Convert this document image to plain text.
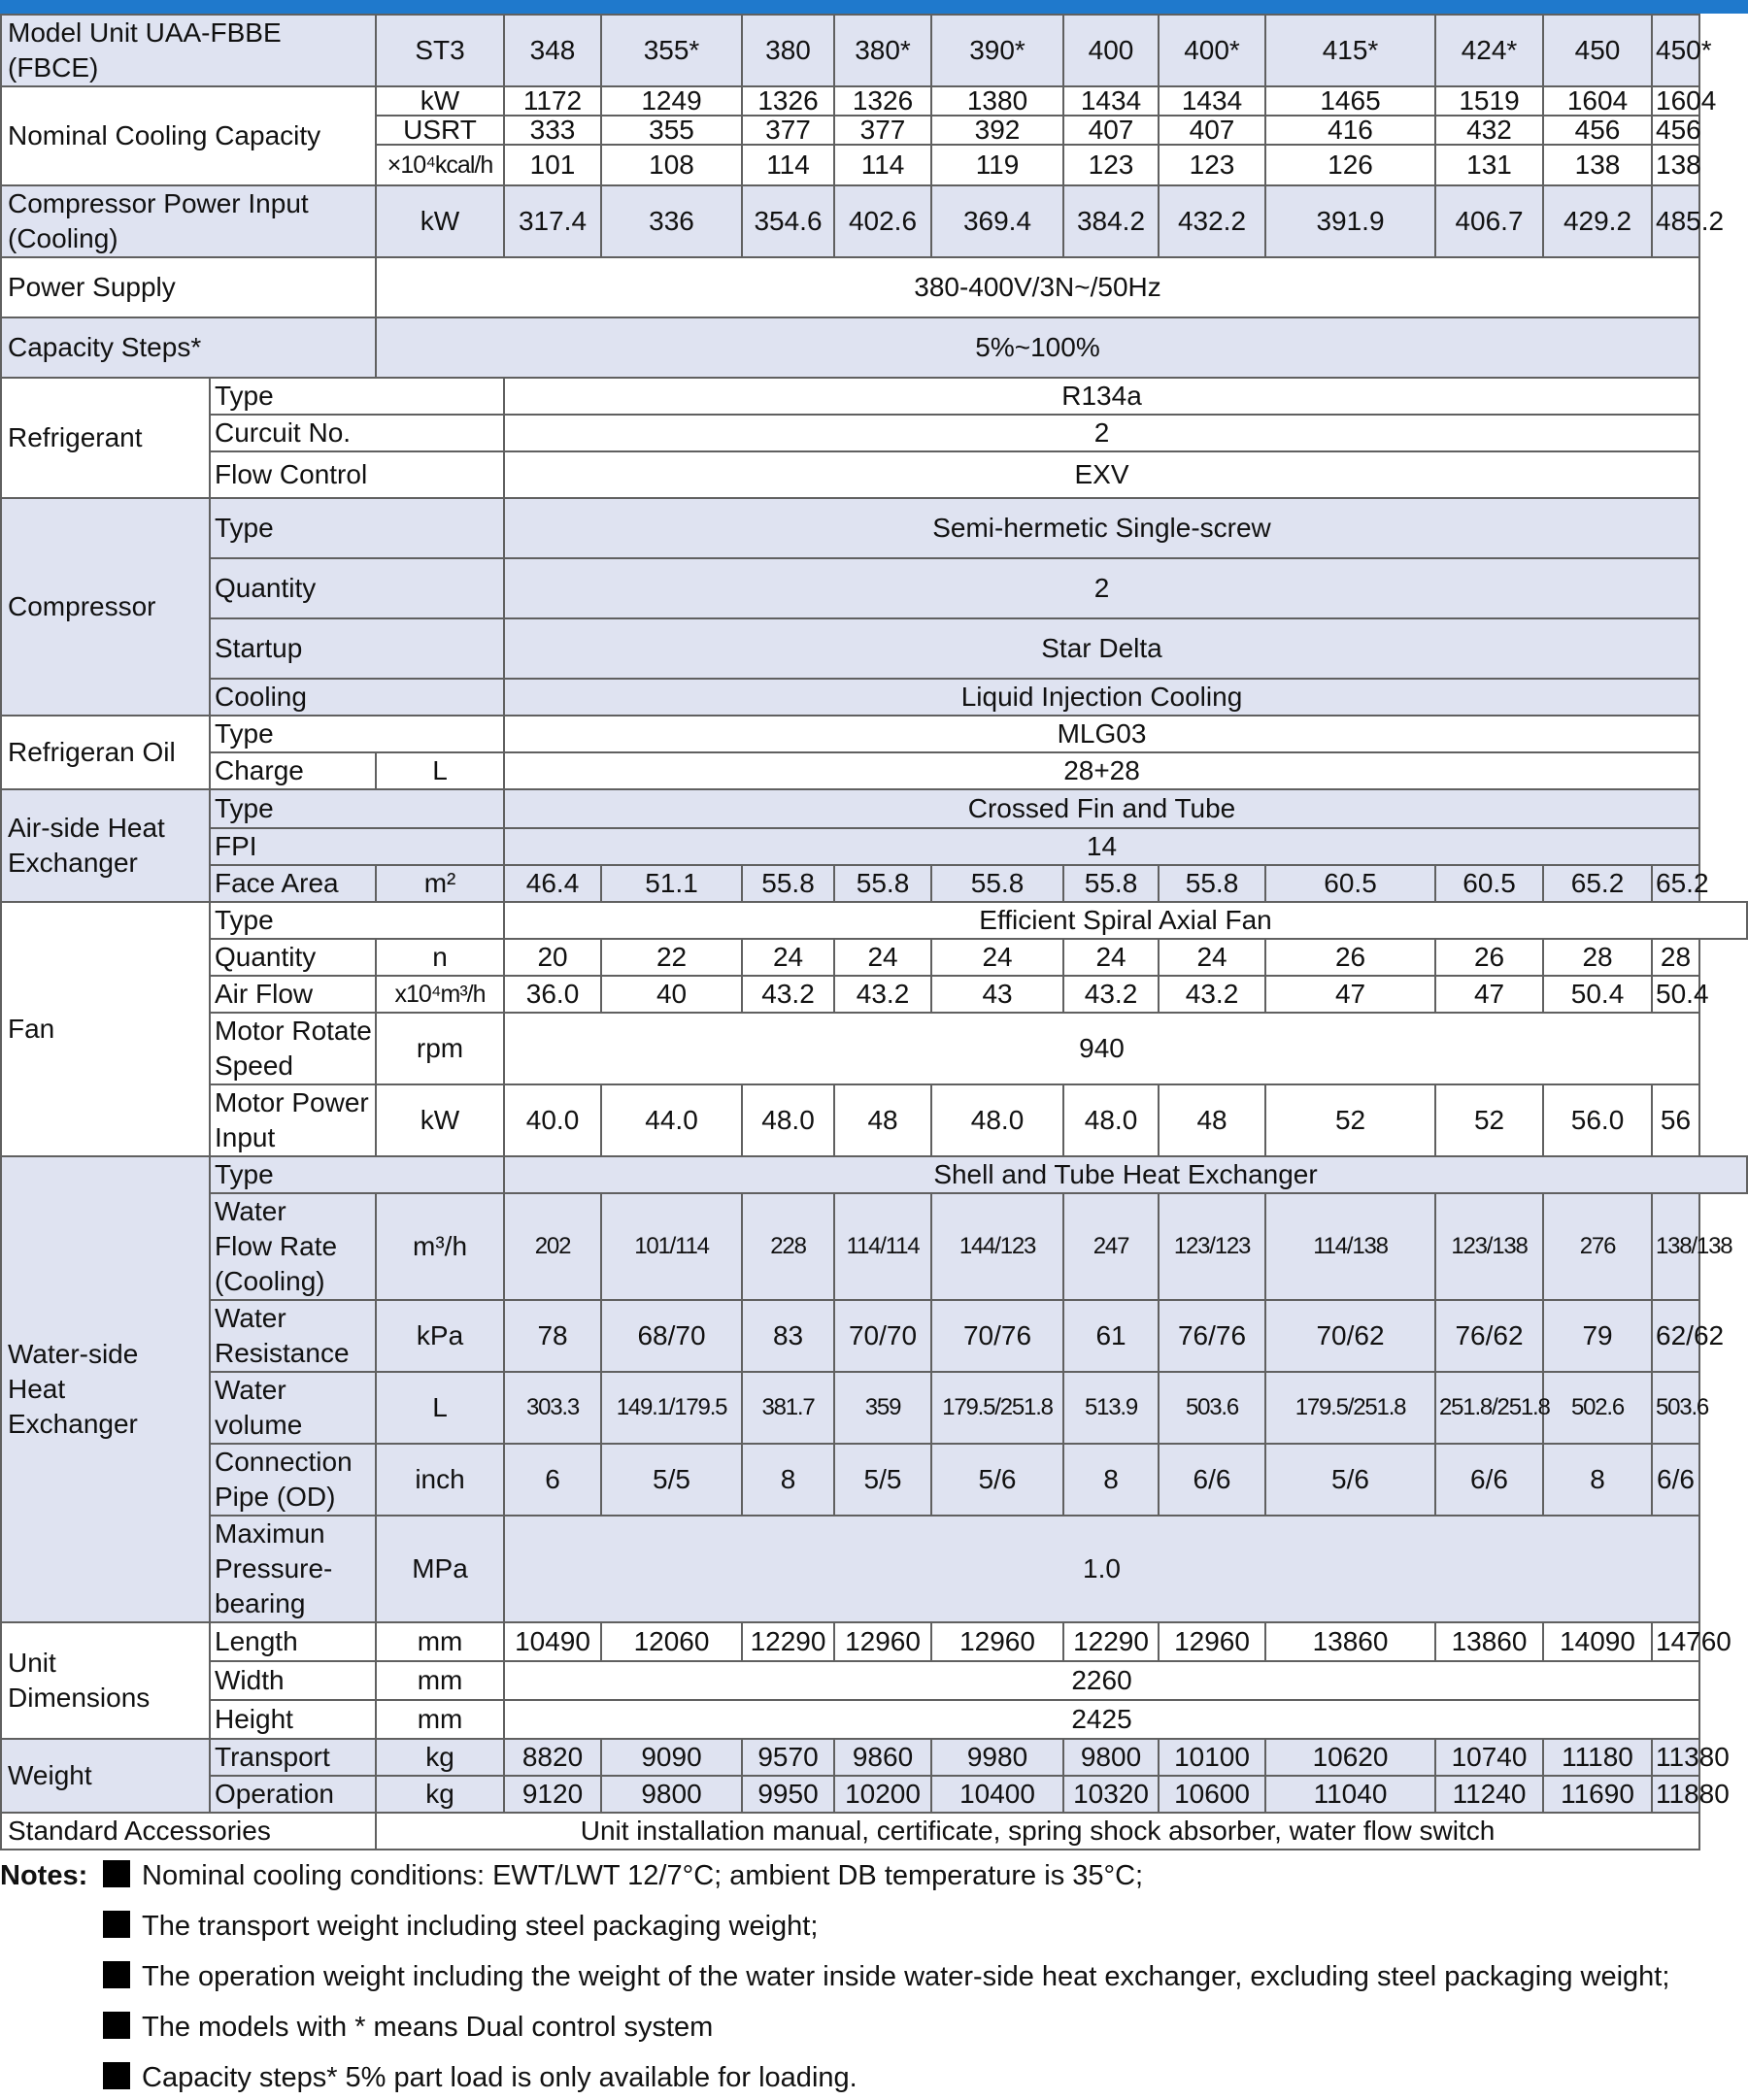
Model Unit UAA-FBBE
(FBCE)		ST3	348	355*	380	380*	390*	400	400*	415*	424*	450	450*
Nominal Cooling Capacity		kW	1172	1249	1326	1326	1380	1434	1434	1465	1519	1604	1604
		USRT	333	355	377	377	392	407	407	416	432	456	456
		×10⁴kcal/h	101	108	114	114	119	123	123	126	131	138	138
Compressor Power Input
(Cooling)		kW	317.4	336	354.6	402.6	369.4	384.2	432.2	391.9	406.7	429.2	485.2
Power Supply		380-400V/3N~/50Hz											
Capacity Steps*		5%~100%											
Refrigerant	Type		R134a										
	Curcuit No.		2										
	Flow Control		EXV										
Compressor	Type		Semi-hermetic Single-screw										
	Quantity		2										
	Startup		Star Delta										
	Cooling		Liquid Injection Cooling										
Refrigeran Oil	Type		MLG03										
	Charge	L	28+28										
Air-side Heat
Exchanger	Type		Crossed Fin and Tube										
	FPI		14										
	Face Area	m²	46.4	51.1	55.8	55.8	55.8	55.8	55.8	60.5	60.5	65.2	65.2
Fan	Type		Efficient Spiral Axial Fan										
	Quantity	n	20	22	24	24	24	24	24	26	26	28	28
	Air Flow	x10⁴m³/h	36.0	40	43.2	43.2	43	43.2	43.2	47	47	50.4	50.4
	Motor Rotate
Speed	rpm	940										
	Motor Power
Input	kW	40.0	44.0	48.0	48	48.0	48.0	48	52	52	56.0	56
Water-side
Heat
Exchanger	Type		Shell and Tube Heat Exchanger										
	Water
Flow Rate
(Cooling)	m³/h	202	101/114	228	114/114	144/123	247	123/123	114/138	123/138	276	138/138
	Water
Resistance	kPa	78	68/70	83	70/70	70/76	61	76/76	70/62	76/62	79	62/62
	Water
volume	L	303.3	149.1/179.5	381.7	359	179.5/251.8	513.9	503.6	179.5/251.8	251.8/251.8	502.6	503.6
	Connection
Pipe (OD)	inch	6	5/5	8	5/5	5/6	8	6/6	5/6	6/6	8	6/6
	Maximun
Pressure-
bearing	MPa	1.0										
Unit
Dimensions	Length	mm	10490	12060	12290	12960	12960	12290	12960	13860	13860	14090	14760
	Width	mm	2260										
	Height	mm	2425										
Weight	Transport	kg	8820	9090	9570	9860	9980	9800	10100	10620	10740	11180	11380
	Operation	kg	9120	9800	9950	10200	10400	10320	10600	11040	11240	11690	11880
Standard Accessories		Unit installation manual, certificate, spring shock absorber, water flow switch											
Notes:	Nominal cooling conditions: EWT/LWT 12/7°C; ambient DB temperature is 35°C;
The transport weight including steel packaging weight;
The operation weight including the weight of the water inside water-side heat exchanger, excluding steel packaging weight;
The models with * means Dual control system
Capacity steps* 5% part load is only available for loading.
